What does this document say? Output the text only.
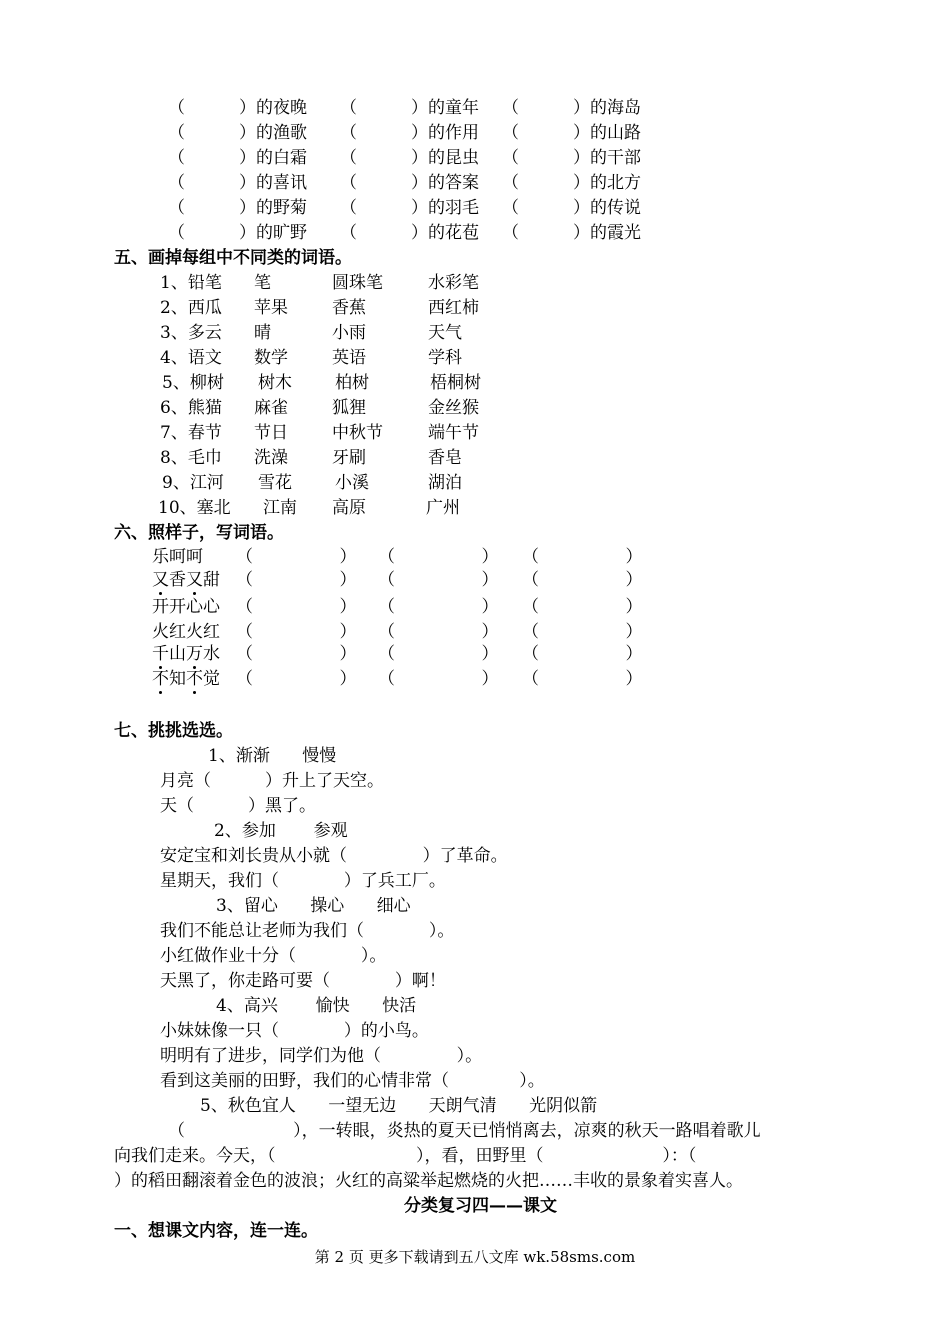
（          ）的夜晚 （          ）的童年 （          ）的海岛
（          ）的渔歌 （          ）的作用 （          ）的山路
（          ）的白霜 （          ）的昆虫 （          ）的干部
（          ）的喜讯 （          ）的答案 （          ）的北方
（          ）的野菊 （          ）的羽毛 （          ）的传说
（          ）的旷野 （          ）的花苞 （          ）的霞光
五、画掉每组中不同类的词语。
1、铅笔 笔	圆珠笔	水彩笔
2、西瓜 苹果	香蕉	西红柿
3、多云 晴	小雨	天气
4、语文 数学	英语	学科
5、柳树 树木	柏树	梧桐树
6、熊猫 麻雀	狐狸	金丝猴
7、春节 节日	中秋节	端午节
8、毛巾 洗澡	牙刷	香皂
9、江河 雪花	小溪	湖泊
10、塞北 江南 高原	广州
六、照样子，写词语。
乐呵呵 （                ） （                ） （                ）
又香又甜 （                ） （                ） （                ）
开开心心 （                ） （                ） （                ）
火红火红 （                ） （                ） （                ）
千山万水 （                ） （                ） （                ）
不知不觉 （                ） （                ） （                ）
七、挑挑选选。
1、渐渐      慢慢
月亮（          ）升上了天空。
天（          ）黑了。
2、参加       参观
安定宝和刘长贵从小就（              ）了革命。
星期天，我们（            ）了兵工厂。
3、留心      操心      细心
我们不能总让老师为我们（            ）。
小红做作业十分（            ）。
天黑了，你走路可要（            ）啊！
4、高兴       愉快      快活
小妹妹像一只（            ）的小鸟。
明明有了进步，同学们为他（              ）。
看到这美丽的田野，我们的心情非常（             ）。
5、秋色宜人      一望无边      天朗气清      光阴似箭
（                    ），一转眼，炎热的夏天已悄悄离去，凉爽的秋天一路唱着歌儿
向我们走来。今天，（                          ），看，田野里（                      ）：（
）的稻田翻滚着金色的波浪；火红的高粱举起燃烧的火把……丰收的景象着实喜人。
分类复习四——课文
一、想课文内容，连一连。
第 2 页 更多下载请到五八文库 wk.58sms.com
